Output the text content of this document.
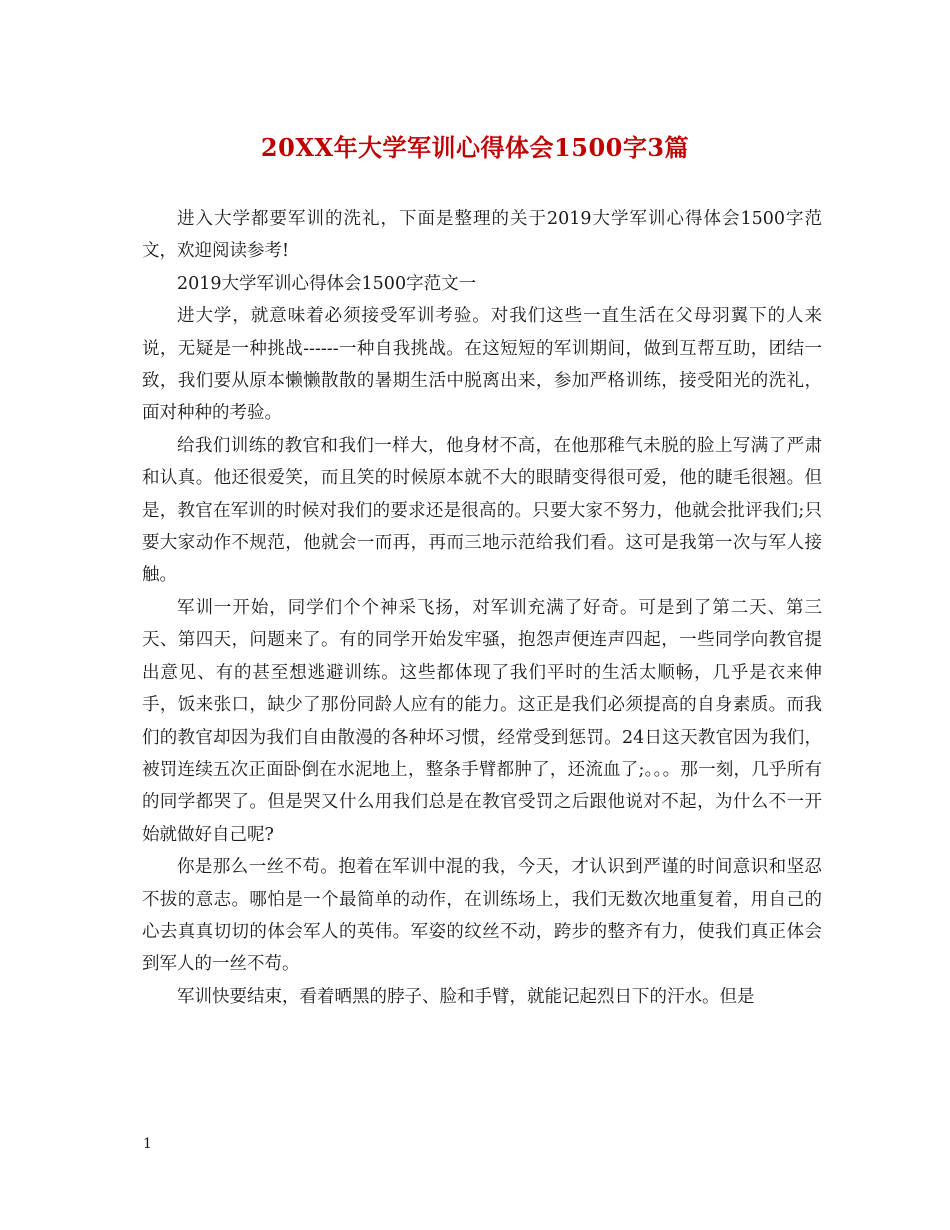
20XX年大学军训心得体会1500字3篇

进入大学都要军训的洗礼，下面是整理的关于2019大学军训心得体会1500字范文，欢迎阅读参考!

2019大学军训心得体会1500字范文一

进大学，就意味着必须接受军训考验。对我们这些一直生活在父母羽翼下的人来说，无疑是一种挑战------一种自我挑战。在这短短的军训期间，做到互帮互助，团结一致，我们要从原本懒懒散散的暑期生活中脱离出来，参加严格训练，接受阳光的洗礼，面对种种的考验。

给我们训练的教官和我们一样大，他身材不高，在他那稚气未脱的脸上写满了严肃和认真。他还很爱笑，而且笑的时候原本就不大的眼睛变得很可爱，他的睫毛很翘。但是，教官在军训的时候对我们的要求还是很高的。只要大家不努力，他就会批评我们;只要大家动作不规范，他就会一而再，再而三地示范给我们看。这可是我第一次与军人接触。

军训一开始，同学们个个神采飞扬，对军训充满了好奇。可是到了第二天、第三天、第四天，问题来了。有的同学开始发牢骚，抱怨声便连声四起，一些同学向教官提出意见、有的甚至想逃避训练。这些都体现了我们平时的生活太顺畅，几乎是衣来伸手，饭来张口，缺少了那份同龄人应有的能力。这正是我们必须提高的自身素质。而我们的教官却因为我们自由散漫的各种坏习惯，经常受到惩罚。24日这天教官因为我们，被罚连续五次正面卧倒在水泥地上，整条手臂都肿了，还流血了;。。。那一刻，几乎所有的同学都哭了。但是哭又什么用我们总是在教官受罚之后跟他说对不起，为什么不一开始就做好自己呢?

你是那么一丝不苟。抱着在军训中混的我，今天，才认识到严谨的时间意识和坚忍不拔的意志。哪怕是一个最简单的动作，在训练场上，我们无数次地重复着，用自己的心去真真切切的体会军人的英伟。军姿的纹丝不动，跨步的整齐有力，使我们真正体会到军人的一丝不苟。

军训快要结束，看着晒黑的脖子、脸和手臂，就能记起烈日下的汗水。但是

1
